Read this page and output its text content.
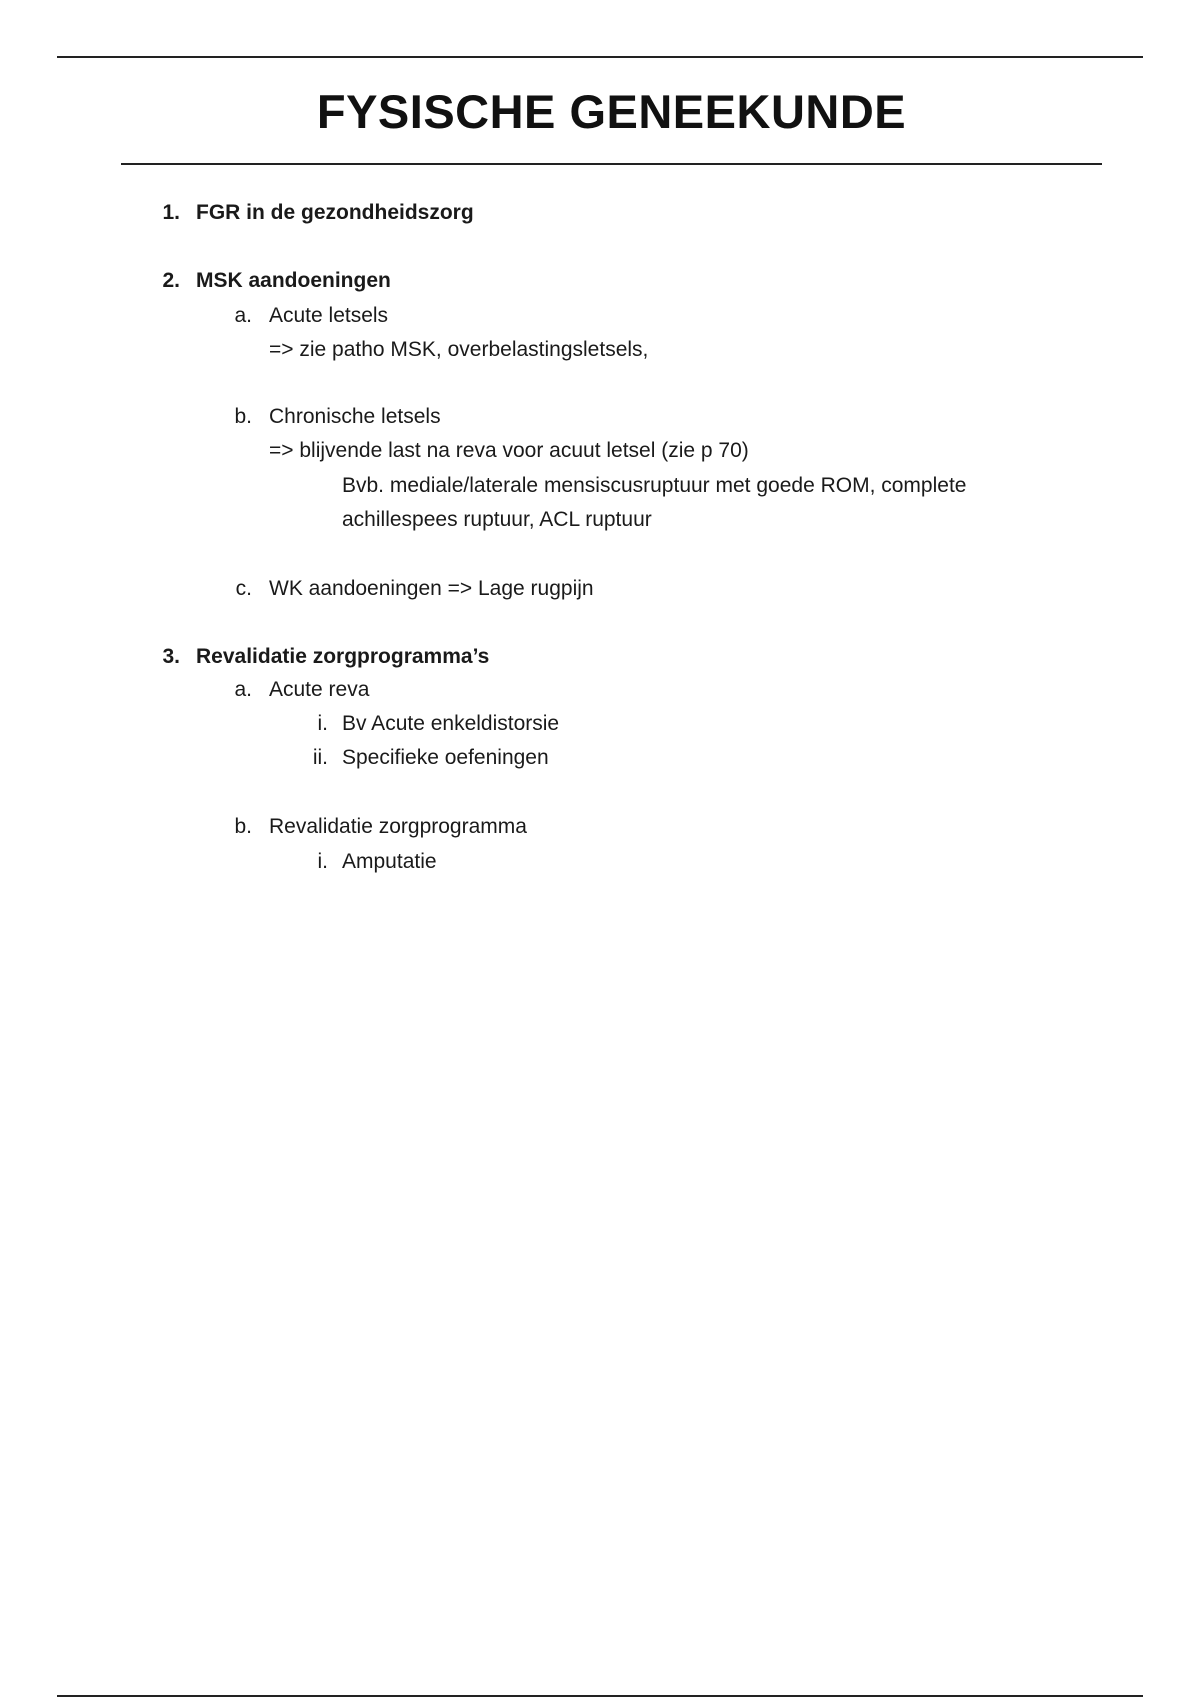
FYSISCHE GENEEKUNDE
1. FGR in de gezondheidszorg
2. MSK aandoeningen
a. Acute letsels
=> zie patho MSK, overbelastingsletsels,
b. Chronische letsels
=> blijvende last na reva voor acuut letsel (zie p 70)
Bvb. mediale/laterale mensiscusruptuur met goede ROM, complete
achillespees ruptuur, ACL ruptuur
c. WK aandoeningen => Lage rugpijn
3. Revalidatie zorgprogramma’s
a. Acute reva
i. Bv Acute enkeldistorsie
ii. Specifieke oefeningen
b. Revalidatie zorgprogramma
i. Amputatie
